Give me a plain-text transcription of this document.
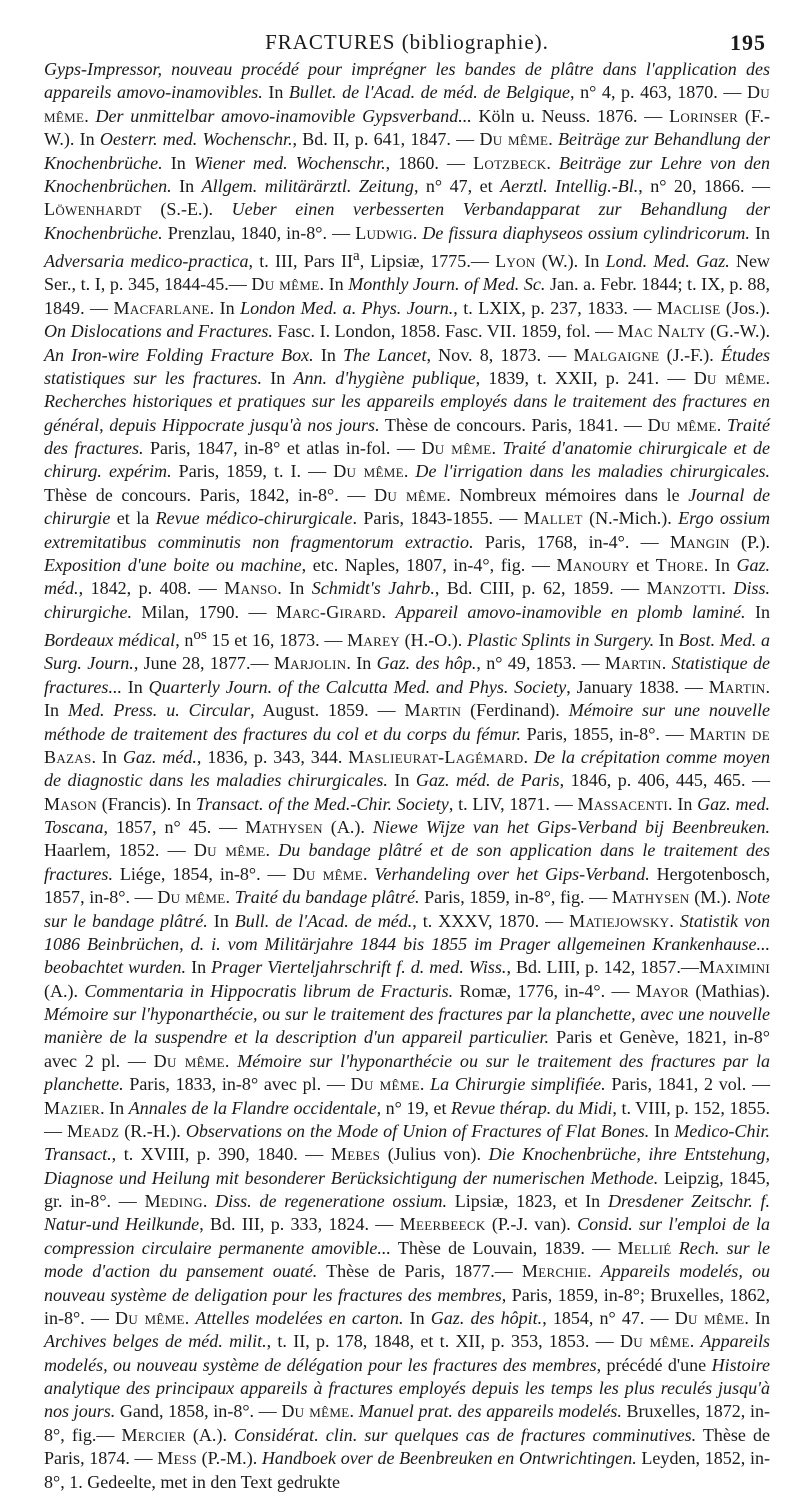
FRACTURES (bibliographie).	195

Gyps-Impressor, nouveau procédé pour imprégner les bandes de plâtre dans l'application des appareils amovo-inamovibles. In Bullet. de l'Acad. de méd. de Belgique, n° 4, p. 463, 1870. — Du même. Der unmittelbar amovo-inamovible Gypsverband... Köln u. Neuss. 1876. — Lorinser (F.-W.). In Oesterr. med. Wochenschr., Bd. II, p. 641, 1847. — Du même. Beiträge zur Behandlung der Knochenbrüche. In Wiener med. Wochenschr., 1860. — Lotzbeck. Beiträge zur Lehre von den Knochenbrüchen. In Allgem. militärärztl. Zeitung, n° 47, et Aerztl. Intellig.-Bl., n° 20, 1866. — Löwenhardt (S.-E.). Ueber einen verbesserten Verbandapparat zur Behandlung der Knochenbrüche. Prenzlau, 1840, in-8°. — Ludwig. De fissura diaphyseos ossium cylindricorum. In Adversaria medico-practica, t. III, Pars $II^a$, Lipsiæ, 1775.— Lyon (W.). In Lond. Med. Gaz. New Ser., t. I, p. 345, 1844-45.— Du même. In Monthly Journ. of Med. Sc. Jan. a. Febr. 1844; t. IX, p. 88, 1849. — Macfarlane. In London Med. a. Phys. Journ., t. LXIX, p. 237, 1833. — Maclise (Jos.). On Dislocations and Fractures. Fasc. I. London, 1858. Fasc. VII. 1859, fol. — Mac Nalty (G.-W.). An Iron-wire Folding Fracture Box. In The Lancet, Nov. 8, 1873. — Malgaigne (J.-F.). Études statistiques sur les fractures. In Ann. d'hygiène publique, 1839, t. XXII, p. 241. — Du même. Recherches historiques et pratiques sur les appareils employés dans le traitement des fractures en général, depuis Hippocrate jusqu'à nos jours. Thèse de concours. Paris, 1841. — Du même. Traité des fractures. Paris, 1847, in-8° et atlas in-fol. — Du même. Traité d'anatomie chirurgicale et de chirurg. expérim. Paris, 1859, t. I. — Du même. De l'irrigation dans les maladies chirurgicales. Thèse de concours. Paris, 1842, in-8°. — Du même. Nombreux mémoires dans le Journal de chirurgie et la Revue médico-chirurgicale. Paris, 1843-1855. — Mallet (N.-Mich.). Ergo ossium extremitatibus comminutis non fragmentorum extractio. Paris, 1768, in-4°. — Mangin (P.). Exposition d'une boite ou machine, etc. Naples, 1807, in-4°, fig. — Manoury et Thore. In Gaz. méd., 1842, p. 408. — Manso. In Schmidt's Jahrb., Bd. CIII, p. 62, 1859. — Manzotti. Diss. chirurgiche. Milan, 1790. — Marc-Girard. Appareil amovo-inamovible en plomb laminé. In Bordeaux médical, $n^{os}$ 15 et 16, 1873. — Marey (H.-O.). Plastic Splints in Surgery. In Bost. Med. a Surg. Journ., June 28, 1877.— Marjolin. In Gaz. des hôp., n° 49, 1853. — Martin. Statistique de fractures... In Quarterly Journ. of the Calcutta Med. and Phys. Society, January 1838. — Martin. In Med. Press. u. Circular, August. 1859. — Martin (Ferdinand). Mémoire sur une nouvelle méthode de traitement des fractures du col et du corps du fémur. Paris, 1855, in-8°. — Martin de Bazas. In Gaz. méd., 1836, p. 343, 344. Maslieurat-Lagémard. De la crépitation comme moyen de diagnostic dans les maladies chirurgicales. In Gaz. méd. de Paris, 1846, p. 406, 445, 465. — Mason (Francis). In Transact. of the Med.-Chir. Society, t. LIV, 1871. — Massacenti. In Gaz. med. Toscana, 1857, n° 45. — Mathysen (A.). Niewe Wijze van het Gips-Verband bij Beenbreuken. Haarlem, 1852. — Du même. Du bandage plâtré et de son application dans le traitement des fractures. Liége, 1854, in-8°. — Du même. Verhandeling over het Gips-Verband. Hergotenbosch, 1857, in-8°. — Du même. Traité du bandage plâtré. Paris, 1859, in-8°, fig. — Mathysen (M.). Note sur le bandage plâtré. In Bull. de l'Acad. de méd., t. XXXV, 1870. — Matiejowsky. Statistik von 1086 Beinbrüchen, d. i. vom Militärjahre 1844 bis 1855 im Prager allgemeinen Krankenhause... beobachtet wurden. In Prager Vierteljahrschrift f. d. med. Wiss., Bd. LIII, p. 142, 1857.—Maximini (A.). Commentaria in Hippocratis librum de Fracturis. Romæ, 1776, in-4°. — Mayor (Mathias). Mémoire sur l'hyponarthécie, ou sur le traitement des fractures par la planchette, avec une nouvelle manière de la suspendre et la description d'un appareil particulier. Paris et Genève, 1821, in-8° avec 2 pl. — Du même. Mémoire sur l'hyponarthécie ou sur le traitement des fractures par la planchette. Paris, 1833, in-8° avec pl. — Du même. La Chirurgie simplifiée. Paris, 1841, 2 vol. — Mazier. In Annales de la Flandre occidentale, n° 19, et Revue thérap. du Midi, t. VIII, p. 152, 1855. — Meadz (R.-H.). Observations on the Mode of Union of Fractures of Flat Bones. In Medico-Chir. Transact., t. XVIII, p. 390, 1840. — Mebes (Julius von). Die Knochenbrüche, ihre Entstehung, Diagnose und Heilung mit besonderer Berücksichtigung der numerischen Methode. Leipzig, 1845, gr. in-8°. — Meding. Diss. de regeneratione ossium. Lipsiæ, 1823, et In Dresdener Zeitschr. f. Natur-und Heilkunde, Bd. III, p. 333, 1824. — Meerbeeck (P.-J. van). Consid. sur l'emploi de la compression circulaire permanente amovible... Thèse de Louvain, 1839. — Mellié Rech. sur le mode d'action du pansement ouaté. Thèse de Paris, 1877.— Merchie. Appareils modelés, ou nouveau système de deligation pour les fractures des membres, Paris, 1859, in-8°; Bruxelles, 1862, in-8°. — Du même. Attelles modelées en carton. In Gaz. des hôpit., 1854, n° 47. — Du même. In Archives belges de méd. milit., t. II, p. 178, 1848, et t. XII, p. 353, 1853. — Du même. Appareils modelés, ou nouveau système de délégation pour les fractures des membres, précédé d'une Histoire analytique des principaux appareils à fractures employés depuis les temps les plus reculés jusqu'à nos jours. Gand, 1858, in-8°. — Du même. Manuel prat. des appareils modelés. Bruxelles, 1872, in-8°, fig.— Mercier (A.). Considérat. clin. sur quelques cas de fractures comminutives. Thèse de Paris, 1874. — Mess (P.-M.). Handboek over de Beenbreuken en Ontwrichtingen. Leyden, 1852, in-8°, 1. Gedeelte, met in den Text gedrukte
